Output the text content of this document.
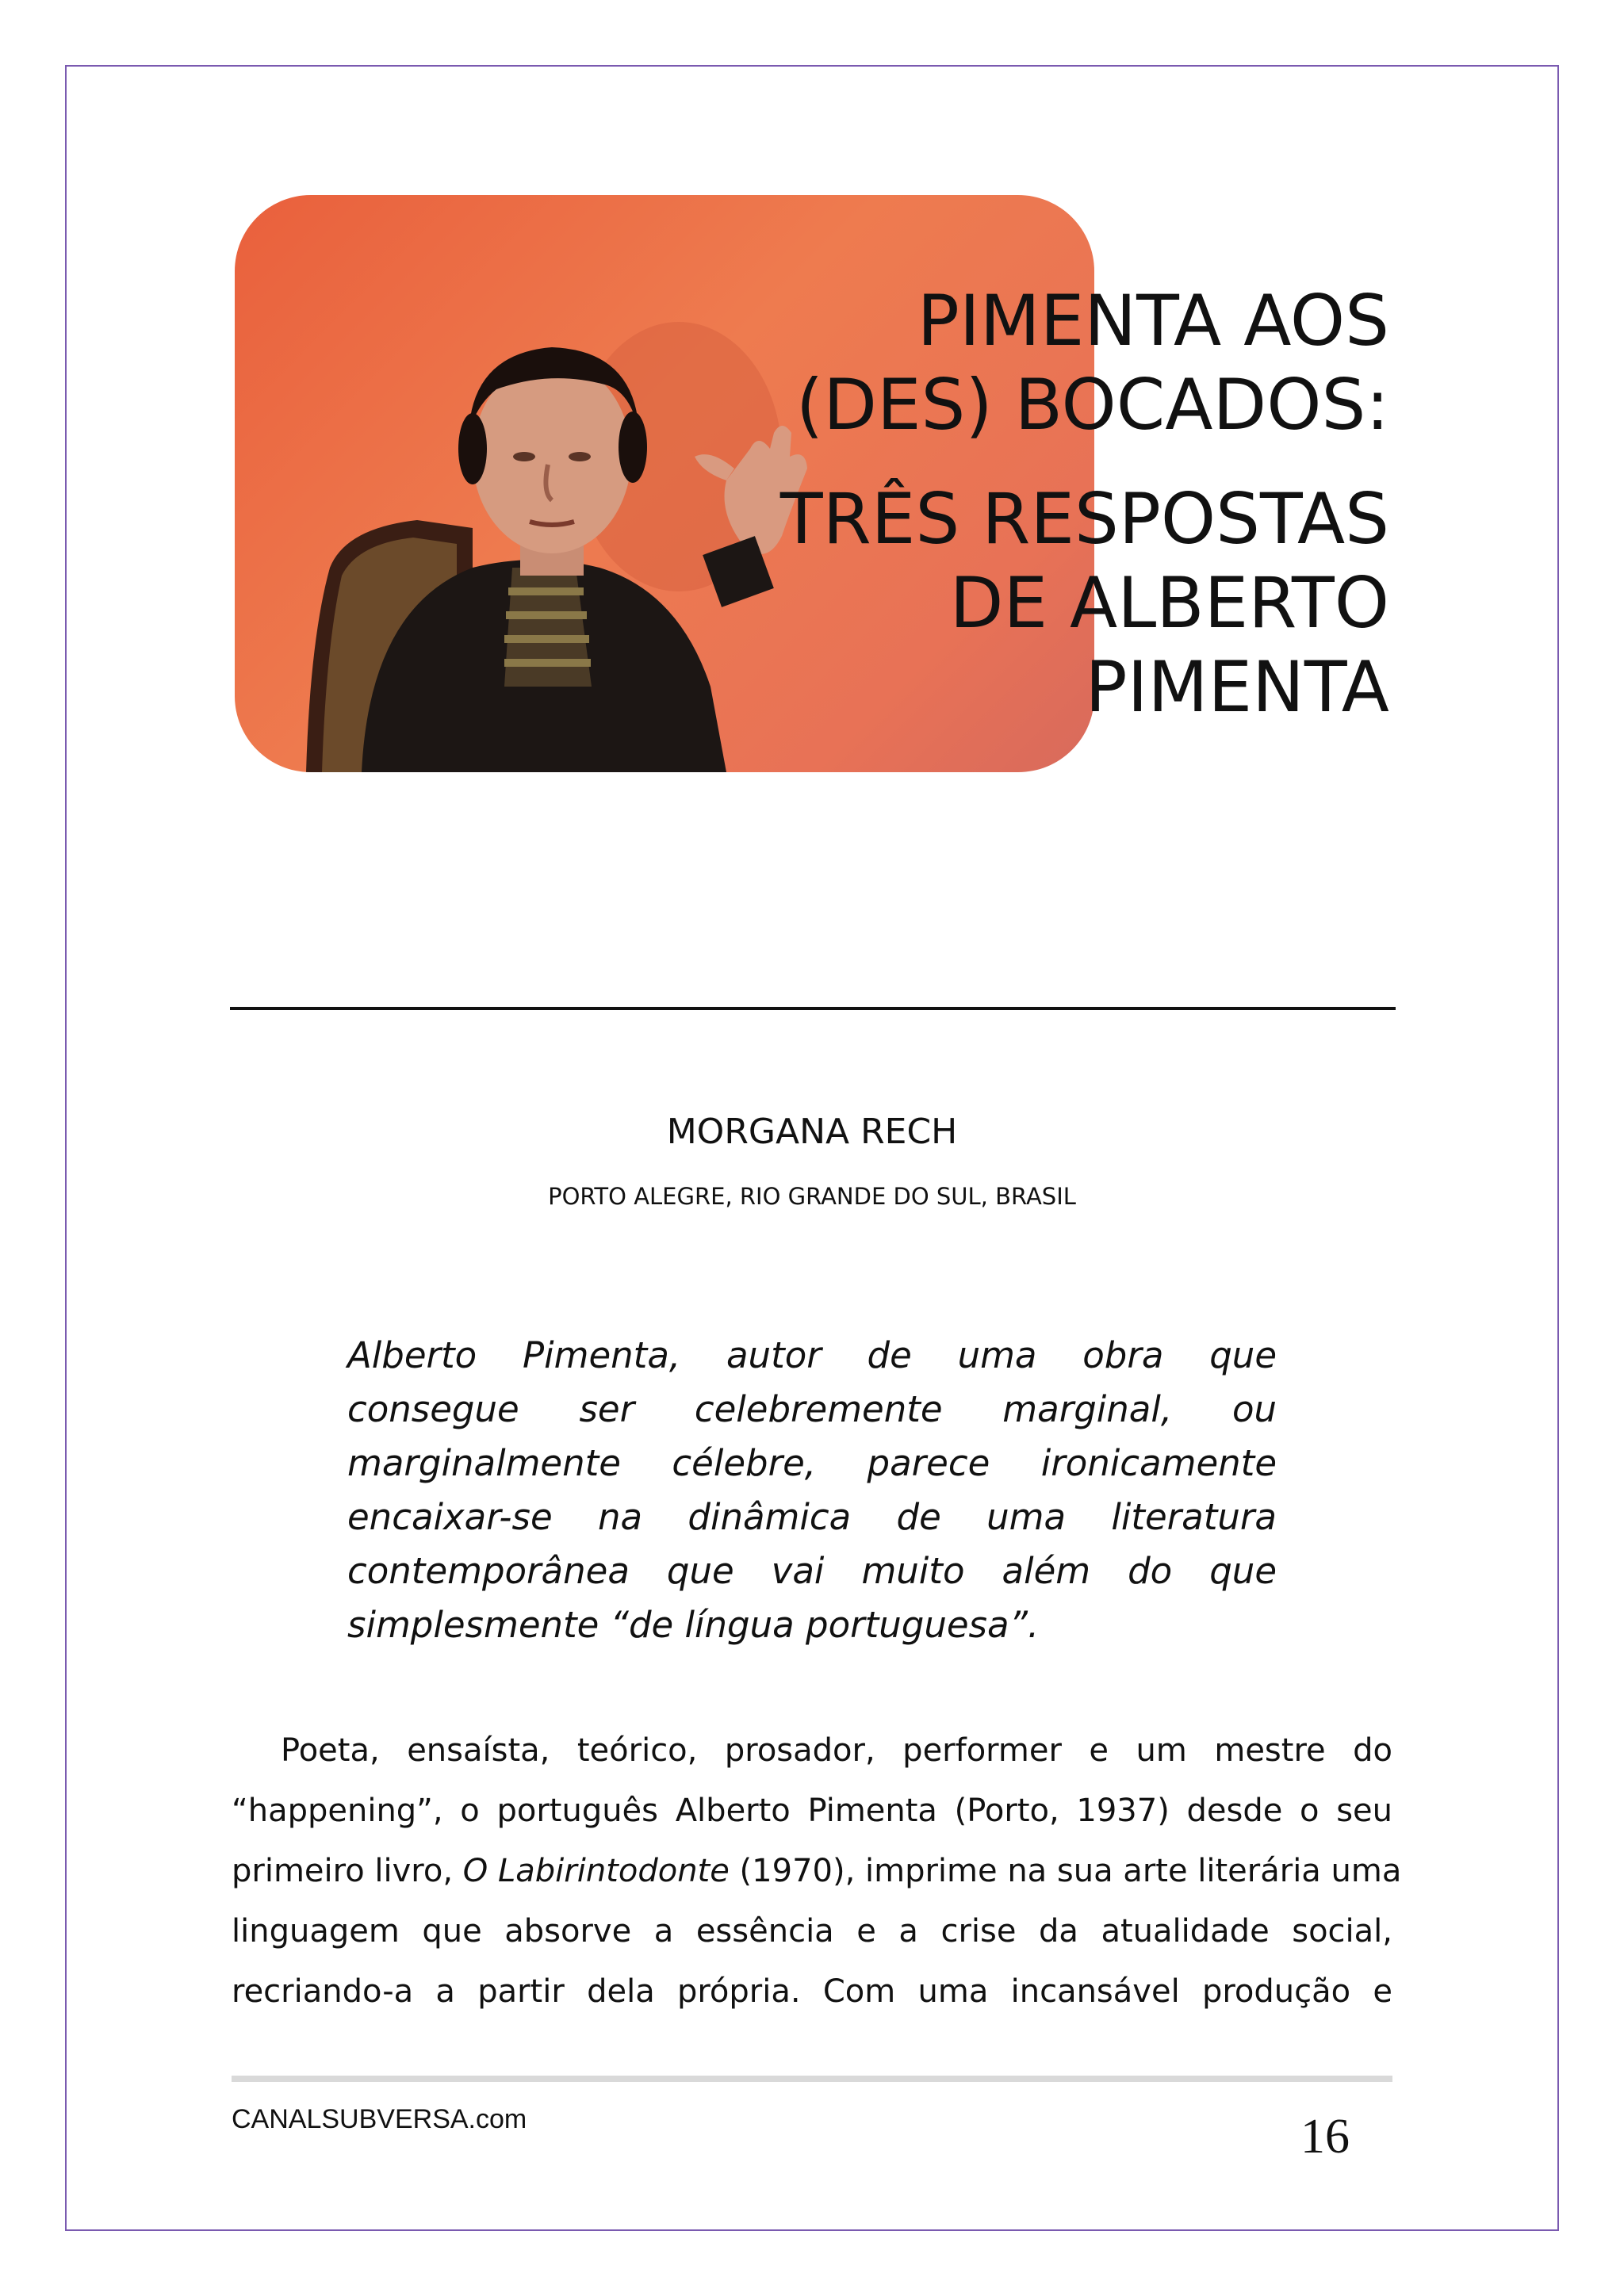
PIMENTA AOS
(DES) BOCADOS:
TRÊS RESPOSTAS
DE ALBERTO
PIMENTA
MORGANA RECH
PORTO ALEGRE, RIO GRANDE DO SUL, BRASIL
Alberto Pimenta, autor de uma obra que
consegue ser celebremente marginal, ou
marginalmente célebre, parece ironicamente
encaixar-se na dinâmica de uma literatura
contemporânea que vai muito além do que
simplesmente “de língua portuguesa”.
Poeta, ensaísta, teórico, prosador, performer e um mestre do
“happening”, o português Alberto Pimenta (Porto, 1937) desde o seu
primeiro livro, O Labirintodonte (1970), imprime na sua arte literária uma
linguagem que absorve a essência e a crise da atualidade social,
recriando-a a partir dela própria. Com uma incansável produção e
CANALSUBVERSA.com	16
